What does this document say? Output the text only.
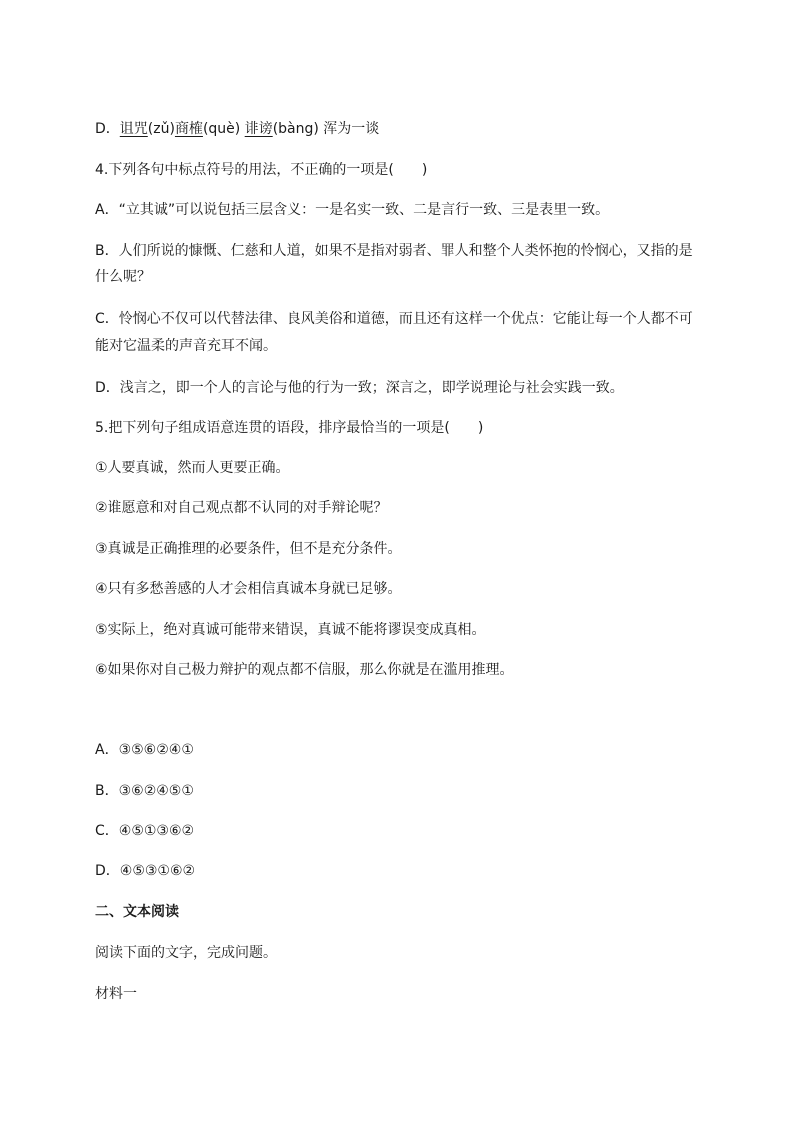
D．诅咒(zǔ)商榷(què) 诽谤(bàng) 浑为一谈
4.下列各句中标点符号的用法，不正确的一项是(　　)
A．“立其诚”可以说包括三层含义：一是名实一致、二是言行一致、三是表里一致。
B．人们所说的慷慨、仁慈和人道，如果不是指对弱者、罪人和整个人类怀抱的怜悯心，又指的是
什么呢？
C．怜悯心不仅可以代替法律、良风美俗和道德，而且还有这样一个优点：它能让每一个人都不可
能对它温柔的声音充耳不闻。
D．浅言之，即一个人的言论与他的行为一致；深言之，即学说理论与社会实践一致。
5.把下列句子组成语意连贯的语段，排序最恰当的一项是(　　)
①人要真诚，然而人更要正确。
②谁愿意和对自己观点都不认同的对手辩论呢？
③真诚是正确推理的必要条件，但不是充分条件。
④只有多愁善感的人才会相信真诚本身就已足够。
⑤实际上，绝对真诚可能带来错误，真诚不能将谬误变成真相。
⑥如果你对自己极力辩护的观点都不信服，那么你就是在滥用推理。
A．③⑤⑥②④①
B．③⑥②④⑤①
C．④⑤①③⑥②
D．④⑤③①⑥②
二、文本阅读
阅读下面的文字，完成问题。
材料一
